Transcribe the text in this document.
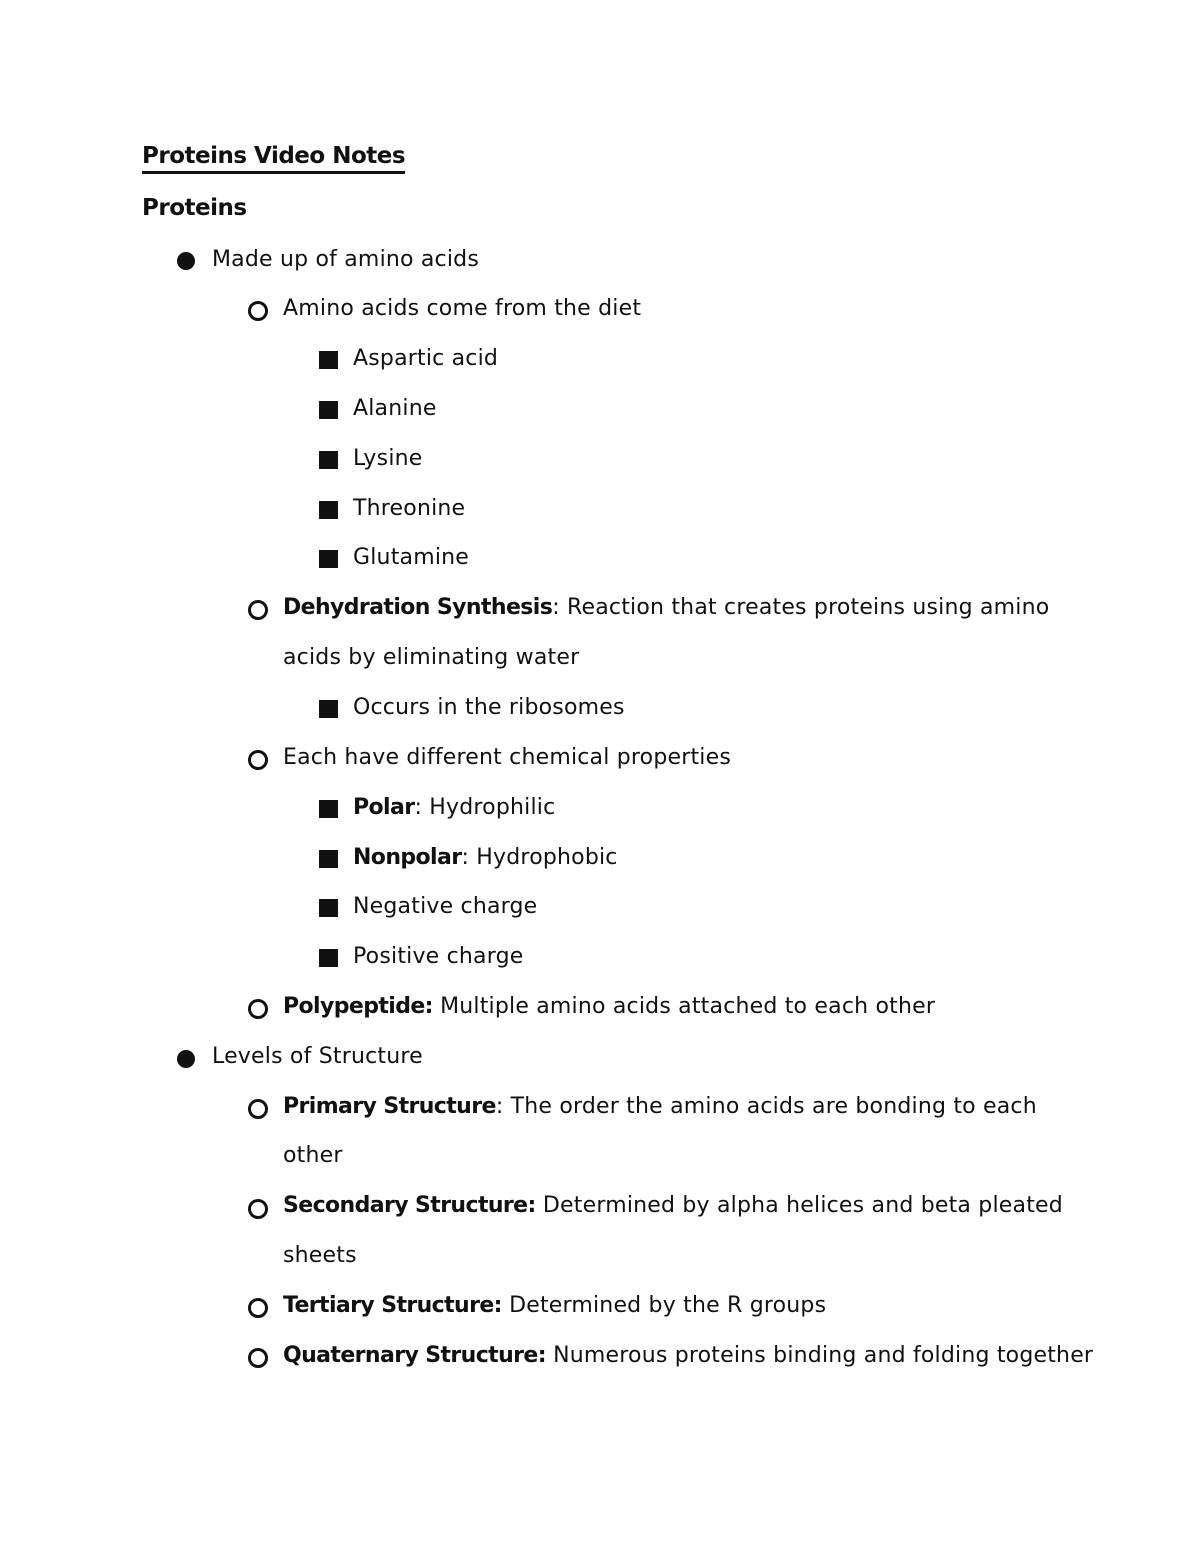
Proteins Video Notes
Proteins
Made up of amino acids
Amino acids come from the diet
Aspartic acid
Alanine
Lysine
Threonine
Glutamine
Dehydration Synthesis: Reaction that creates proteins using amino
acids by eliminating water
Occurs in the ribosomes
Each have different chemical properties
Polar: Hydrophilic
Nonpolar: Hydrophobic
Negative charge
Positive charge
Polypeptide: Multiple amino acids attached to each other
Levels of Structure
Primary Structure: The order the amino acids are bonding to each
other
Secondary Structure: Determined by alpha helices and beta pleated
sheets
Tertiary Structure: Determined by the R groups
Quaternary Structure: Numerous proteins binding and folding together
